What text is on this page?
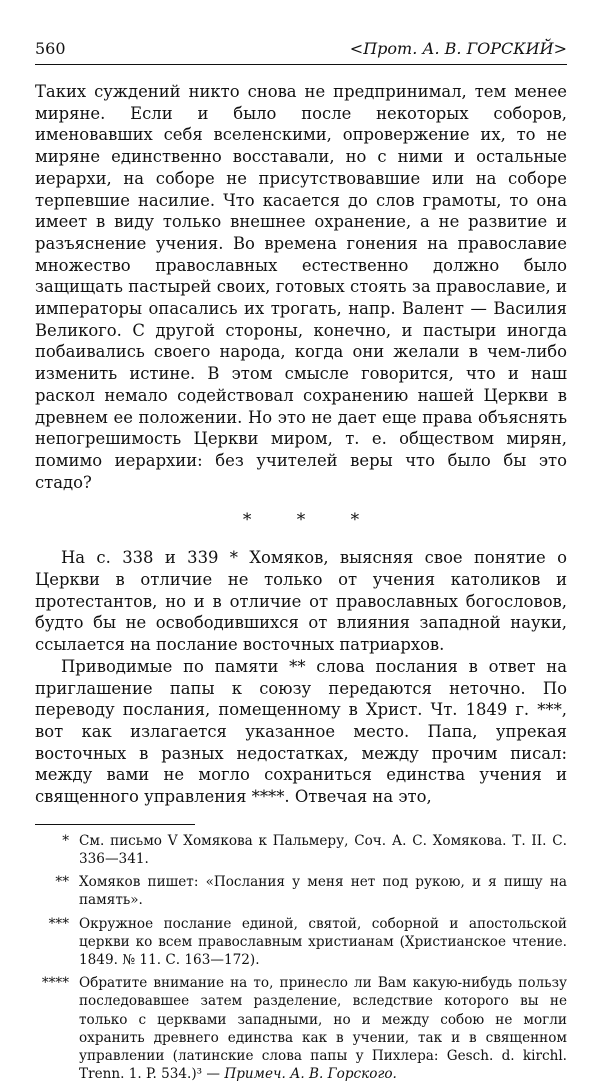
560	<Прот. А. В. ГОРСКИЙ>

Таких суждений никто снова не предпринимал, тем менее миряне. Если и было после некоторых соборов, именовавших себя вселенскими, опровержение их, то не миряне единственно восставали, но с ними и остальные иерархи, на соборе не присутствовавшие или на соборе терпевшие насилие. Что касается до слов грамоты, то она имеет в виду только внешнее охранение, а не развитие и разъяснение учения. Во времена гонения на православие множество православных естественно должно было защищать пастырей своих, готовых стоять за православие, и императоры опасались их трогать, напр. Валент — Василия Великого. С другой стороны, конечно, и пастыри иногда побаивались своего народа, когда они желали в чем-либо изменить истине. В этом смысле говорится, что и наш раскол немало содействовал сохранению нашей Церкви в древнем ее положении. Но это не дает еще права объяснять непогрешимость Церкви миром, т. е. обществом мирян, помимо иерархии: без учителей веры что было бы это стадо?

* * *

На с. 338 и 339 * Хомяков, выясняя свое понятие о Церкви в отличие не только от учения католиков и протестантов, но и в отличие от православных богословов, будто бы не освободившихся от влияния западной науки, ссылается на послание восточных патриархов.

Приводимые по памяти ** слова послания в ответ на приглашение папы к союзу передаются неточно. По переводу послания, помещенному в Христ. Чт. 1849 г. ***, вот как излагается указанное место. Папа, упрекая восточных в разных недостатках, между прочим писал: между вами не могло сохраниться единства учения и священного управления ****. Отвечая на это,

* См. письмо V Хомякова к Пальмеру, Соч. А. С. Хомякова. Т. II. С. 336—341.
** Хомяков пишет: «Послания у меня нет под рукою, и я пишу на память».
*** Окружное послание единой, святой, соборной и апостольской церкви ко всем православным христианам (Христианское чтение. 1849. № 11. С. 163—172).
**** Обратите внимание на то, принесло ли Вам какую-нибудь пользу последовавшее затем разделение, вследствие которого вы не только с церквами западными, но и между собою не могли охранить древнего единства как в учении, так и в священном управлении (латинские слова папы у Пихлера: Gesch. d. kirchl. Trenn. 1. P. 534.)³ — Примеч. А. В. Горского.
